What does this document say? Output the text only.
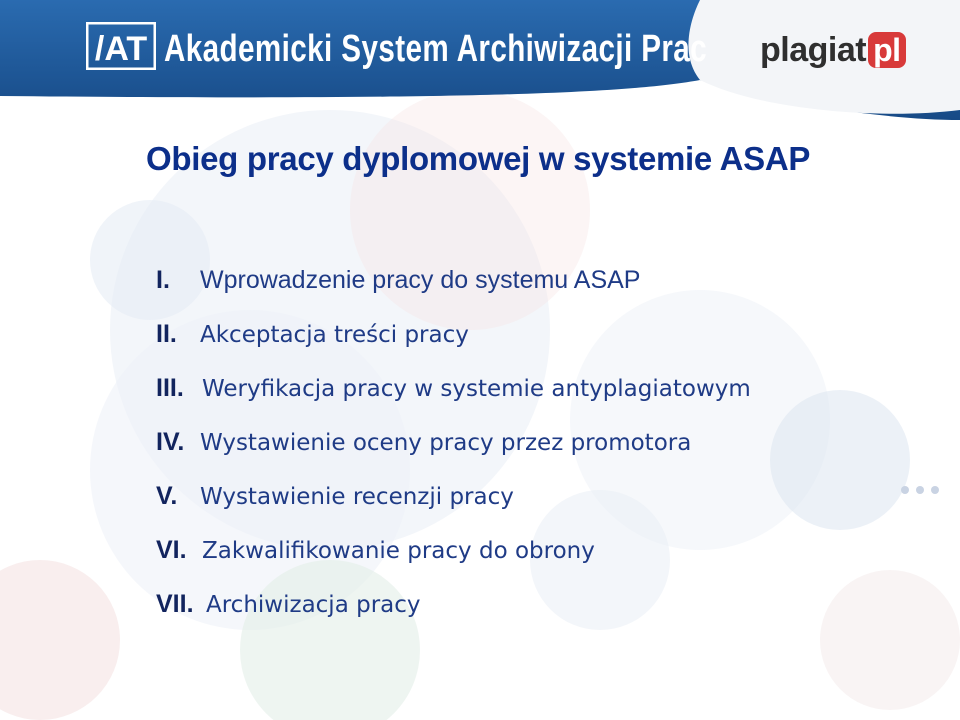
/AT Akademicki System Archiwizacji Prac plagiat pl
Obieg pracy dyplomowej w systemie ASAP
I. Wprowadzenie pracy do systemu ASAP
II. Akceptacja treści pracy
III. Weryfikacja pracy w systemie antyplagiatowym
IV. Wystawienie oceny pracy przez promotora
V. Wystawienie recenzji pracy
VI. Zakwalifikowanie pracy do obrony
VII. Archiwizacja pracy
